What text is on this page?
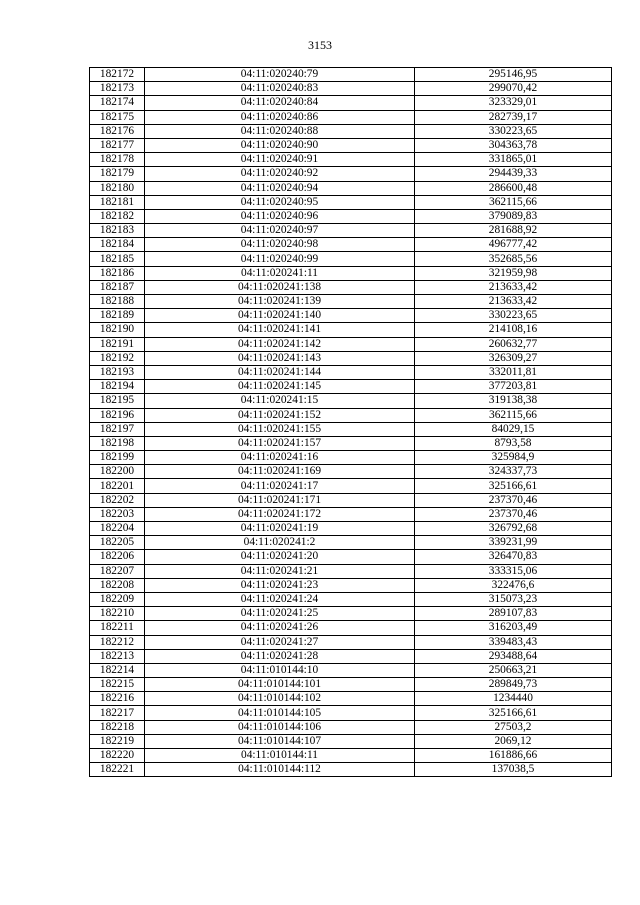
3153
182172	04:11:020240:79	295146,95
182173	04:11:020240:83	299070,42
182174	04:11:020240:84	323329,01
182175	04:11:020240:86	282739,17
182176	04:11:020240:88	330223,65
182177	04:11:020240:90	304363,78
182178	04:11:020240:91	331865,01
182179	04:11:020240:92	294439,33
182180	04:11:020240:94	286600,48
182181	04:11:020240:95	362115,66
182182	04:11:020240:96	379089,83
182183	04:11:020240:97	281688,92
182184	04:11:020240:98	496777,42
182185	04:11:020240:99	352685,56
182186	04:11:020241:11	321959,98
182187	04:11:020241:138	213633,42
182188	04:11:020241:139	213633,42
182189	04:11:020241:140	330223,65
182190	04:11:020241:141	214108,16
182191	04:11:020241:142	260632,77
182192	04:11:020241:143	326309,27
182193	04:11:020241:144	332011,81
182194	04:11:020241:145	377203,81
182195	04:11:020241:15	319138,38
182196	04:11:020241:152	362115,66
182197	04:11:020241:155	84029,15
182198	04:11:020241:157	8793,58
182199	04:11:020241:16	325984,9
182200	04:11:020241:169	324337,73
182201	04:11:020241:17	325166,61
182202	04:11:020241:171	237370,46
182203	04:11:020241:172	237370,46
182204	04:11:020241:19	326792,68
182205	04:11:020241:2	339231,99
182206	04:11:020241:20	326470,83
182207	04:11:020241:21	333315,06
182208	04:11:020241:23	322476,6
182209	04:11:020241:24	315073,23
182210	04:11:020241:25	289107,83
182211	04:11:020241:26	316203,49
182212	04:11:020241:27	339483,43
182213	04:11:020241:28	293488,64
182214	04:11:010144:10	250663,21
182215	04:11:010144:101	289849,73
182216	04:11:010144:102	1234440
182217	04:11:010144:105	325166,61
182218	04:11:010144:106	27503,2
182219	04:11:010144:107	2069,12
182220	04:11:010144:11	161886,66
182221	04:11:010144:112	137038,5
